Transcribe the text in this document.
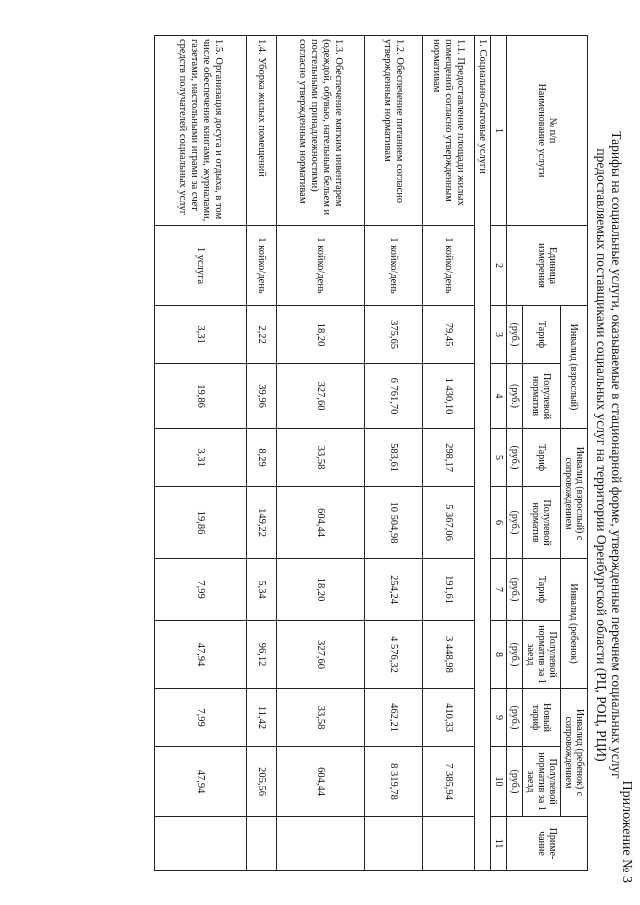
Приложение № 3
Тарифы на социальные услуги, оказываемые в стационарной форме, утвержденные перечнем социальных услуг
предоставляемых поставщиками социальных услуг на территории Оренбургской области (РЦ, РОЦ, РЦИ)
№ п/п
Наименование услуги	Единица измерения	Инвалид (взрослый)		Инвалид (взрослый) с сопровождением		Инвалид (ребенок)		Инвалид (ребенок) с сопровождением		Приме-чание
		Тариф	Полулевой норматив	Тариф	Полулевой норматив	Тариф	Полулевой норматив за 1 заезд	Новый тариф	Полулевой норматив за 1 заезд	
		(руб.)	(руб.)	(руб.)	(руб.)	(руб.)	(руб.)	(руб.)	(руб.)	
1	2	3	4	5	6	7	8	9	10	11
1. Социально-бытовые услуги										
1.1. Предоставление площади жилых помещений согласно утвержденным нормативам	1 койко/день	79,45	1 430,10	298,17	5 367,06	191,61	3 448,98	410,33	7 385,94	
1.2. Обеспечение питанием согласно утвержденным нормативам	1 койко/день	375,65	6 761,70	583,61	10 504,98	254,24	4 576,32	462,21	8 319,78	
1.3. Обеспечение мягким инвентарем (одеждой, обувью, нательным бельем и постельными принадлежностями) согласно утвержденным нормативам	1 койко/день	18,20	327,60	33,58	604,44	18,20	327,60	33,58	604,44	
1.4. Уборка жилых помещений	1 койко/день	2,22	39,96	8,29	149,22	5,34	96,12	11,42	205,56	
1.5. Организация досуга и отдыха, в том числе обеспечение книгами, журналами, газетами, настольными играми за счет средств получателей социальных услуг	1 услуга	3,31	19,86	3,31	19,86	7,99	47,94	7,99	47,94	
